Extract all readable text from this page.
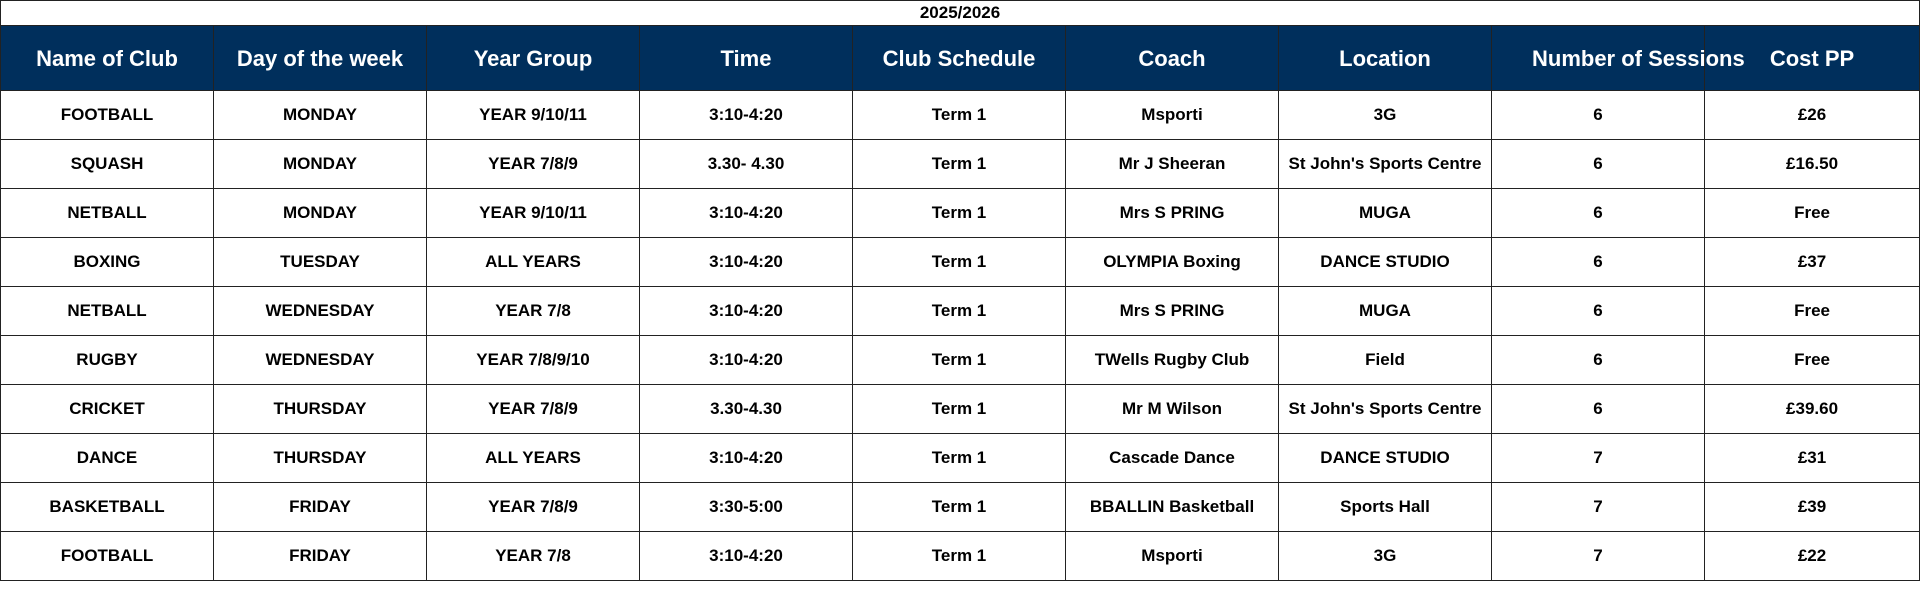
2025/2026								
Name of Club	Day of the week	Year Group	Time	Club Schedule	Coach	Location	Number of Sessions	Cost PP
FOOTBALL	MONDAY	YEAR 9/10/11	3:10-4:20	Term 1	Msporti	3G	6	£26
SQUASH	MONDAY	YEAR 7/8/9	3.30- 4.30	Term 1	Mr J Sheeran	St John's Sports Centre	6	£16.50
NETBALL	MONDAY	YEAR 9/10/11	3:10-4:20	Term 1	Mrs S PRING	MUGA	6	Free
BOXING	TUESDAY	ALL YEARS	3:10-4:20	Term 1	OLYMPIA Boxing	DANCE STUDIO	6	£37
NETBALL	WEDNESDAY	YEAR 7/8	3:10-4:20	Term 1	Mrs S PRING	MUGA	6	Free
RUGBY	WEDNESDAY	YEAR 7/8/9/10	3:10-4:20	Term 1	TWells Rugby Club	Field	6	Free
CRICKET	THURSDAY	YEAR 7/8/9	3.30-4.30	Term 1	Mr M Wilson	St John's Sports Centre	6	£39.60
DANCE	THURSDAY	ALL YEARS	3:10-4:20	Term 1	Cascade Dance	DANCE STUDIO	7	£31
BASKETBALL	FRIDAY	YEAR 7/8/9	3:30-5:00	Term 1	BBALLIN Basketball	Sports Hall	7	£39
FOOTBALL	FRIDAY	YEAR 7/8	3:10-4:20	Term 1	Msporti	3G	7	£22
